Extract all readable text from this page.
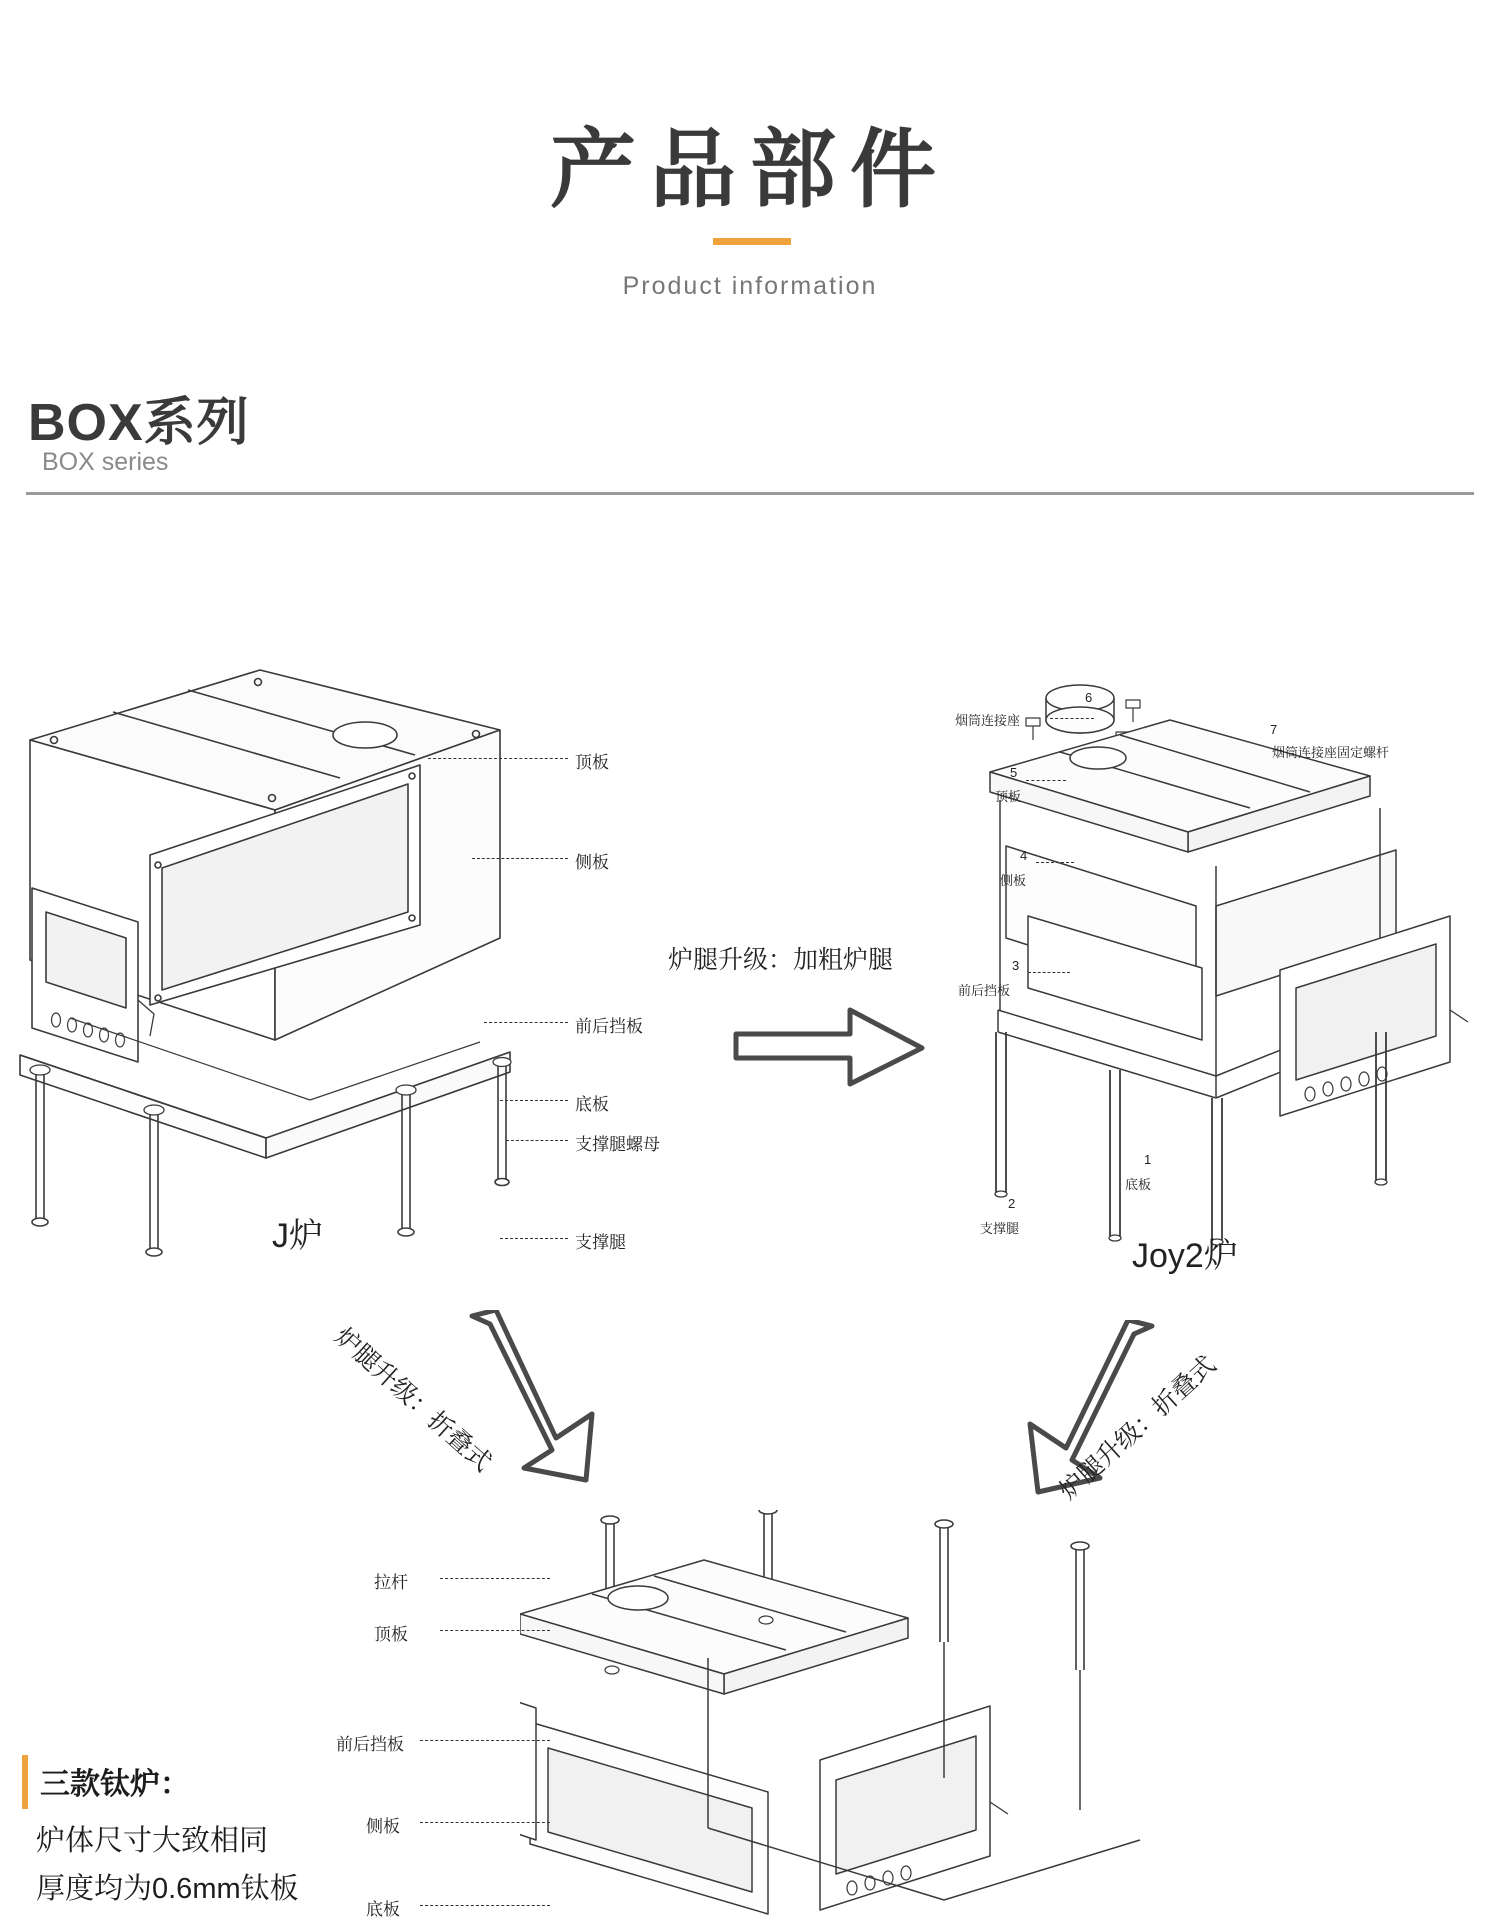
产品部件
Product information
BOX系列
BOX series
顶板
侧板
前后挡板
底板
支撑腿螺母
支撑腿
J炉
炉腿升级：加粗炉腿
6
烟筒连接座
7
烟筒连接座固定螺杆
5
顶板
4
侧板
3
前后挡板
1
底板
2
支撑腿
Joy2炉
炉腿升级：折叠式	炉腿升级：折叠式
拉杆
顶板
前后挡板
侧板
底板
三款钛炉：
炉体尺寸大致相同
厚度均为0.6mm钛板
